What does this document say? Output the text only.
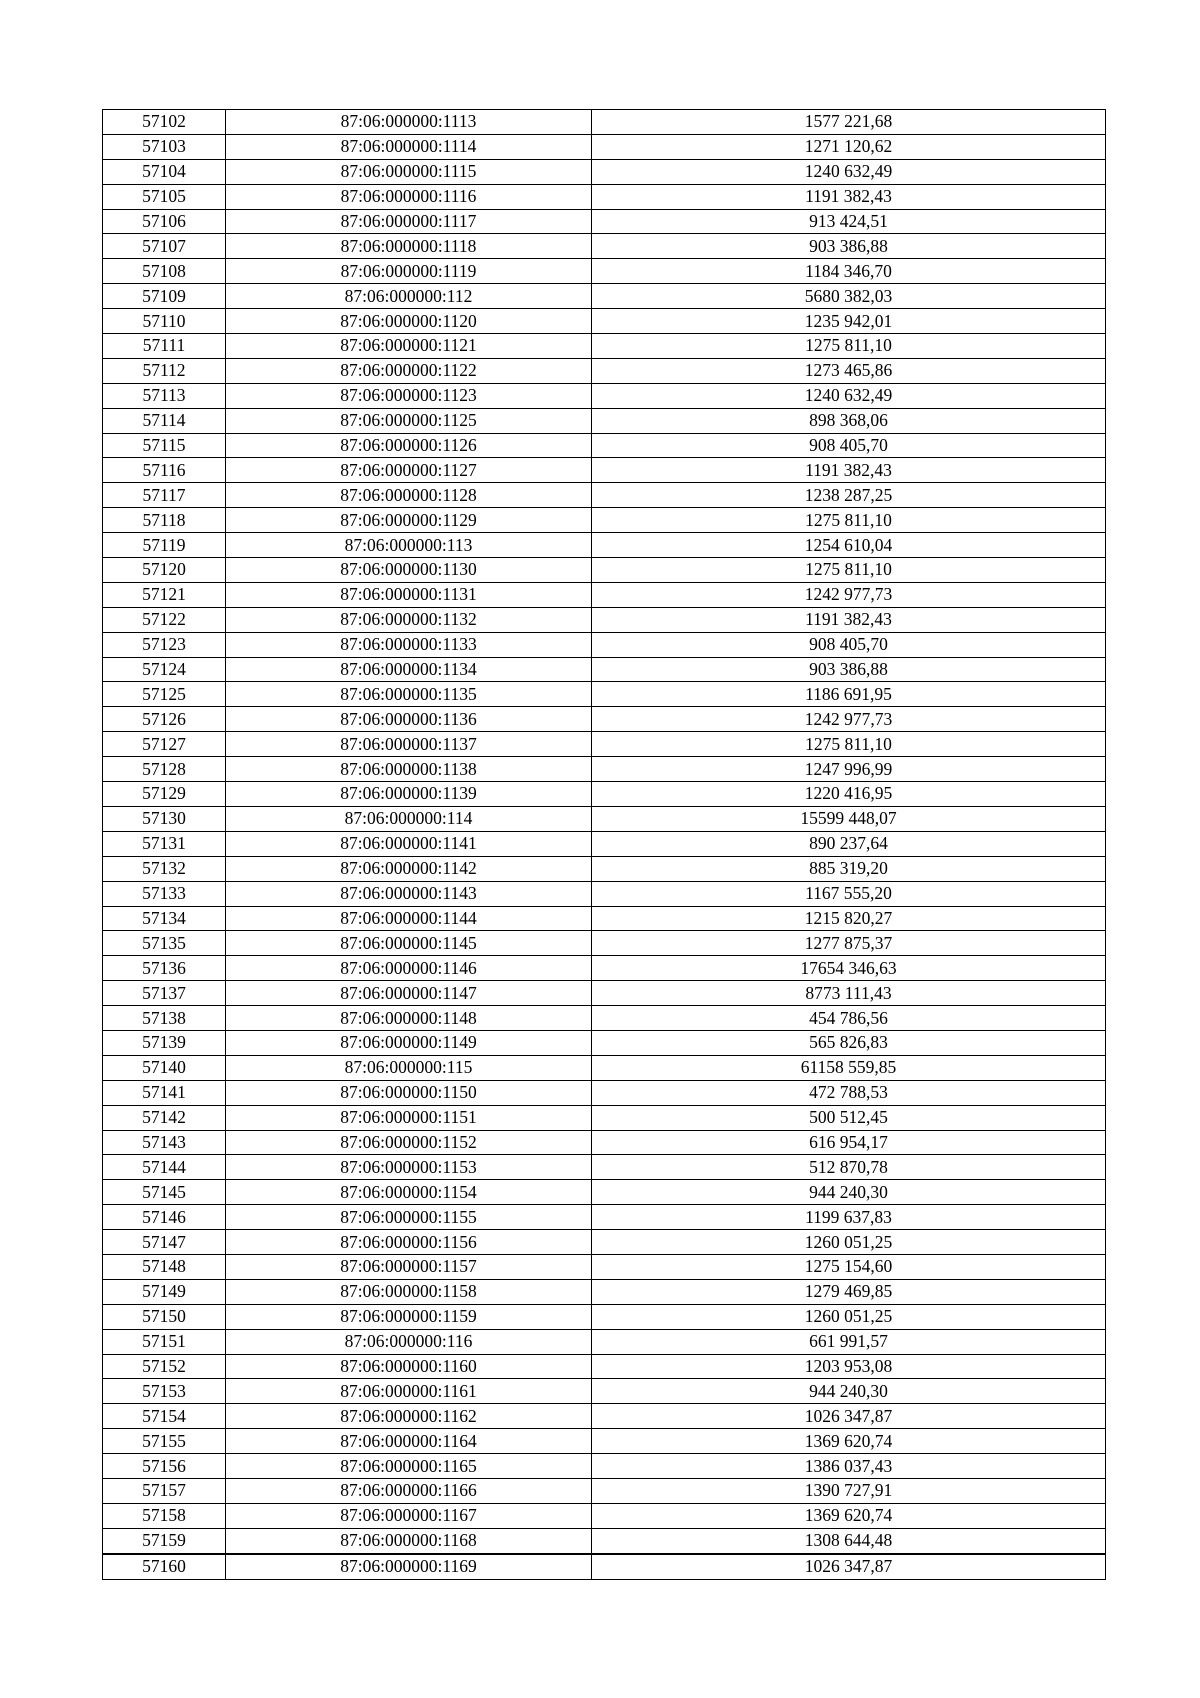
57102	87:06:000000:1113	1577 221,68
57103	87:06:000000:1114	1271 120,62
57104	87:06:000000:1115	1240 632,49
57105	87:06:000000:1116	1191 382,43
57106	87:06:000000:1117	913 424,51
57107	87:06:000000:1118	903 386,88
57108	87:06:000000:1119	1184 346,70
57109	87:06:000000:112	5680 382,03
57110	87:06:000000:1120	1235 942,01
57111	87:06:000000:1121	1275 811,10
57112	87:06:000000:1122	1273 465,86
57113	87:06:000000:1123	1240 632,49
57114	87:06:000000:1125	898 368,06
57115	87:06:000000:1126	908 405,70
57116	87:06:000000:1127	1191 382,43
57117	87:06:000000:1128	1238 287,25
57118	87:06:000000:1129	1275 811,10
57119	87:06:000000:113	1254 610,04
57120	87:06:000000:1130	1275 811,10
57121	87:06:000000:1131	1242 977,73
57122	87:06:000000:1132	1191 382,43
57123	87:06:000000:1133	908 405,70
57124	87:06:000000:1134	903 386,88
57125	87:06:000000:1135	1186 691,95
57126	87:06:000000:1136	1242 977,73
57127	87:06:000000:1137	1275 811,10
57128	87:06:000000:1138	1247 996,99
57129	87:06:000000:1139	1220 416,95
57130	87:06:000000:114	15599 448,07
57131	87:06:000000:1141	890 237,64
57132	87:06:000000:1142	885 319,20
57133	87:06:000000:1143	1167 555,20
57134	87:06:000000:1144	1215 820,27
57135	87:06:000000:1145	1277 875,37
57136	87:06:000000:1146	17654 346,63
57137	87:06:000000:1147	8773 111,43
57138	87:06:000000:1148	454 786,56
57139	87:06:000000:1149	565 826,83
57140	87:06:000000:115	61158 559,85
57141	87:06:000000:1150	472 788,53
57142	87:06:000000:1151	500 512,45
57143	87:06:000000:1152	616 954,17
57144	87:06:000000:1153	512 870,78
57145	87:06:000000:1154	944 240,30
57146	87:06:000000:1155	1199 637,83
57147	87:06:000000:1156	1260 051,25
57148	87:06:000000:1157	1275 154,60
57149	87:06:000000:1158	1279 469,85
57150	87:06:000000:1159	1260 051,25
57151	87:06:000000:116	661 991,57
57152	87:06:000000:1160	1203 953,08
57153	87:06:000000:1161	944 240,30
57154	87:06:000000:1162	1026 347,87
57155	87:06:000000:1164	1369 620,74
57156	87:06:000000:1165	1386 037,43
57157	87:06:000000:1166	1390 727,91
57158	87:06:000000:1167	1369 620,74
57159	87:06:000000:1168	1308 644,48
57160	87:06:000000:1169	1026 347,87
